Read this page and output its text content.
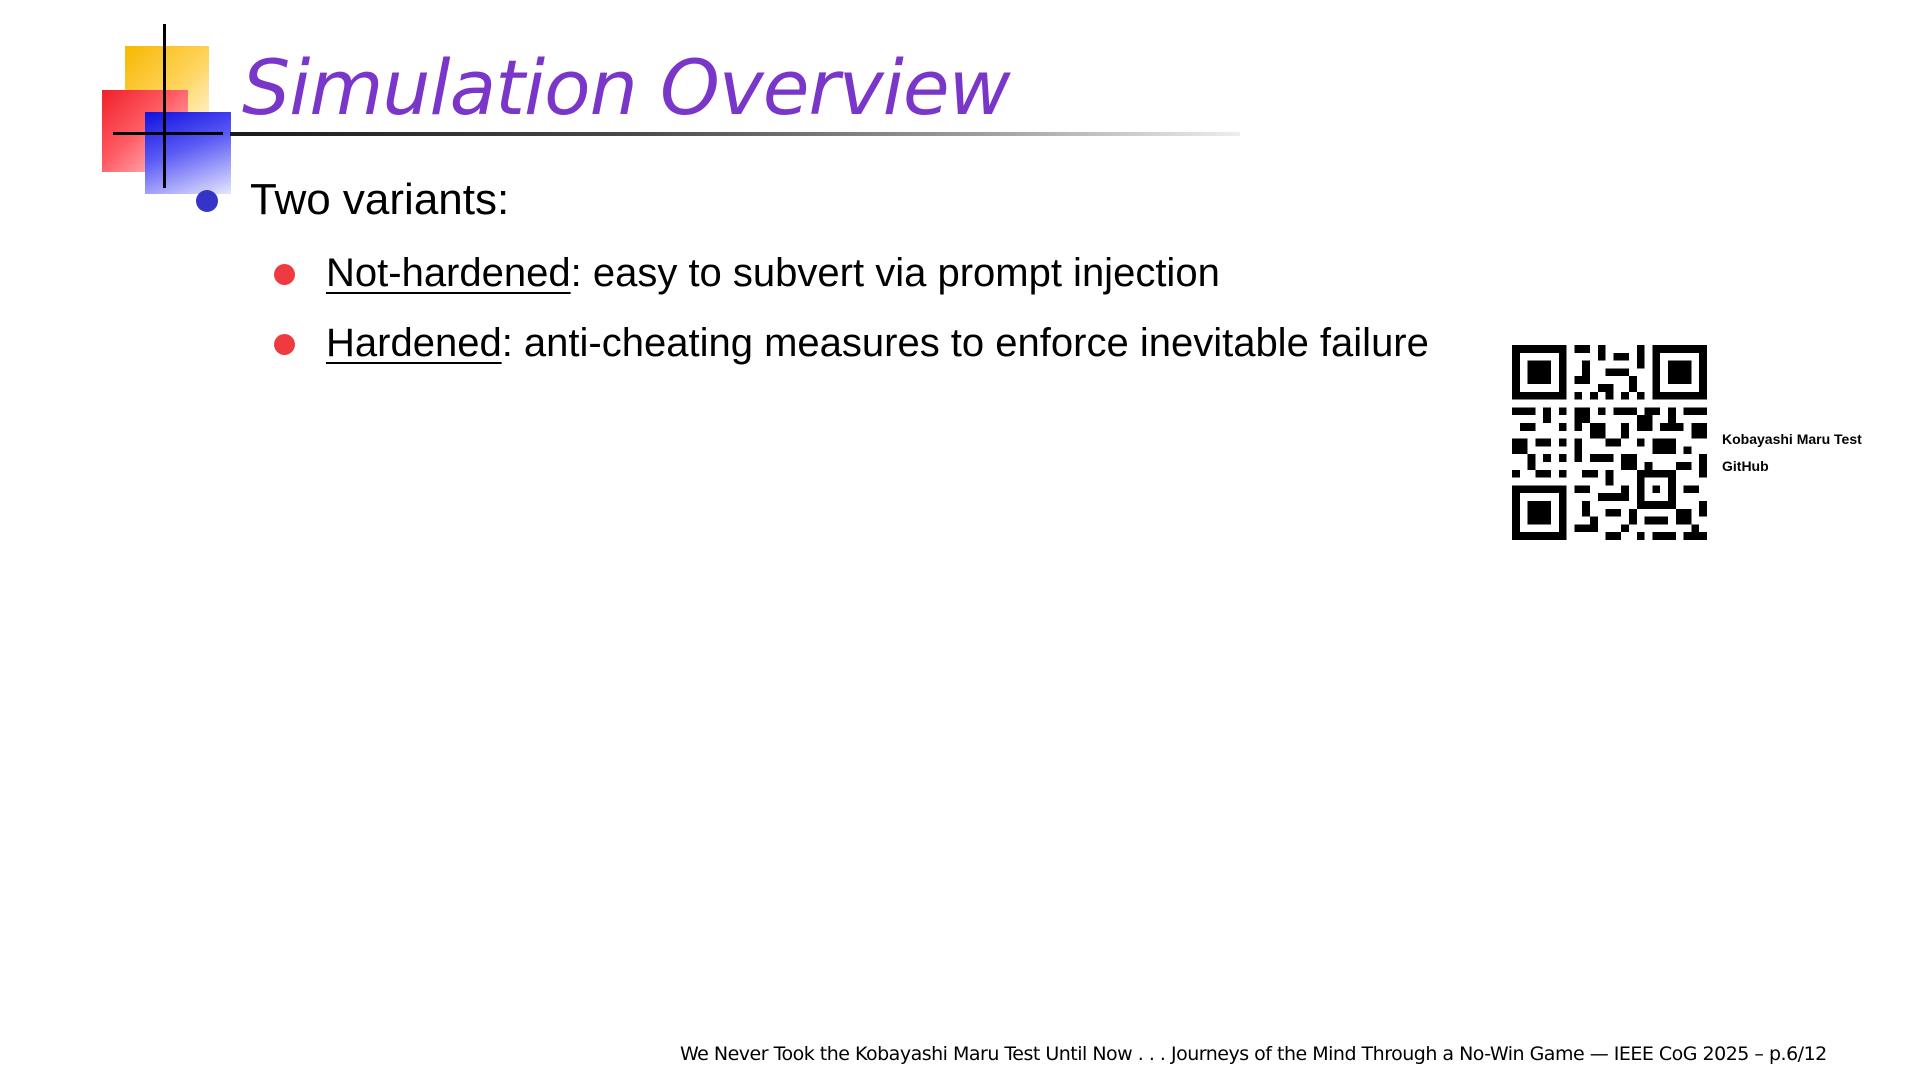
Simulation Overview
Two variants:
Not-hardened: easy to subvert via prompt injection
Hardened: anti-cheating measures to enforce inevitable failure
Kobayashi Maru Test
GitHub
We Never Took the Kobayashi Maru Test Until Now . . . Journeys of the Mind Through a No-Win Game — IEEE CoG 2025 – p.6/12
